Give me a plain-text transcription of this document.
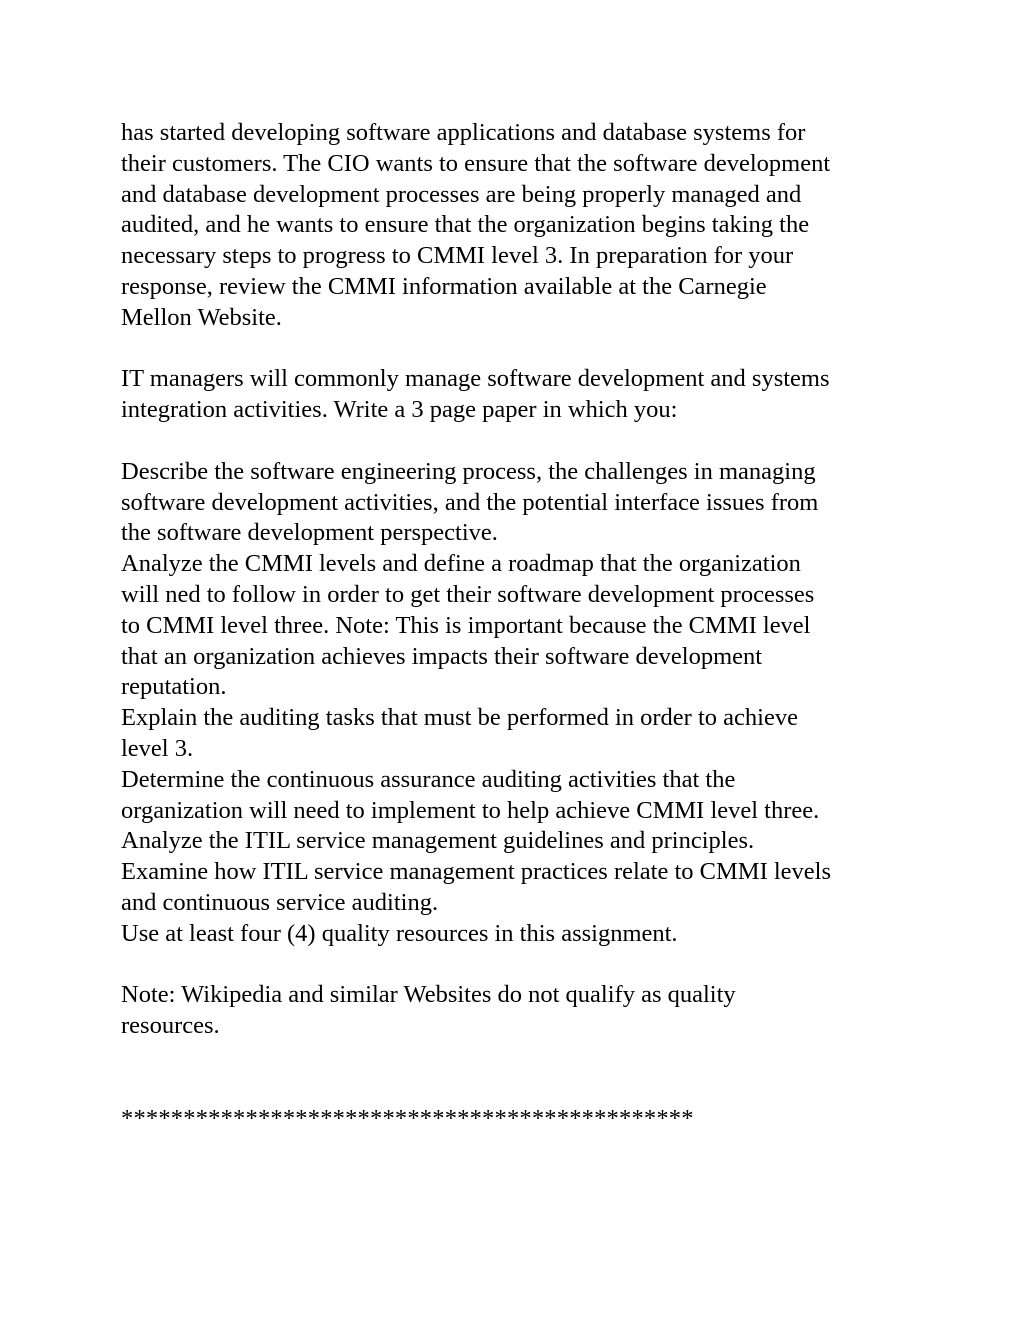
has started developing software applications and database systems for
their customers. The CIO wants to ensure that the software development
and database development processes are being properly managed and
audited, and he wants to ensure that the organization begins taking the
necessary steps to progress to CMMI level 3. In preparation for your
response, review the CMMI information available at the Carnegie
Mellon Website.

IT managers will commonly manage software development and systems
integration activities. Write a 3 page paper in which you:

Describe the software engineering process, the challenges in managing
software development activities, and the potential interface issues from
the software development perspective.

Analyze the CMMI levels and define a roadmap that the organization
will ned to follow in order to get their software development processes
to CMMI level three. Note: This is important because the CMMI level
that an organization achieves impacts their software development
reputation.

Explain the auditing tasks that must be performed in order to achieve
level 3.

Determine the continuous assurance auditing activities that the
organization will need to implement to help achieve CMMI level three.

Analyze the ITIL service management guidelines and principles.

Examine how ITIL service management practices relate to CMMI levels
and continuous service auditing.

Use at least four (4) quality resources in this assignment.

Note: Wikipedia and similar Websites do not qualify as quality
resources.

**********************************************
